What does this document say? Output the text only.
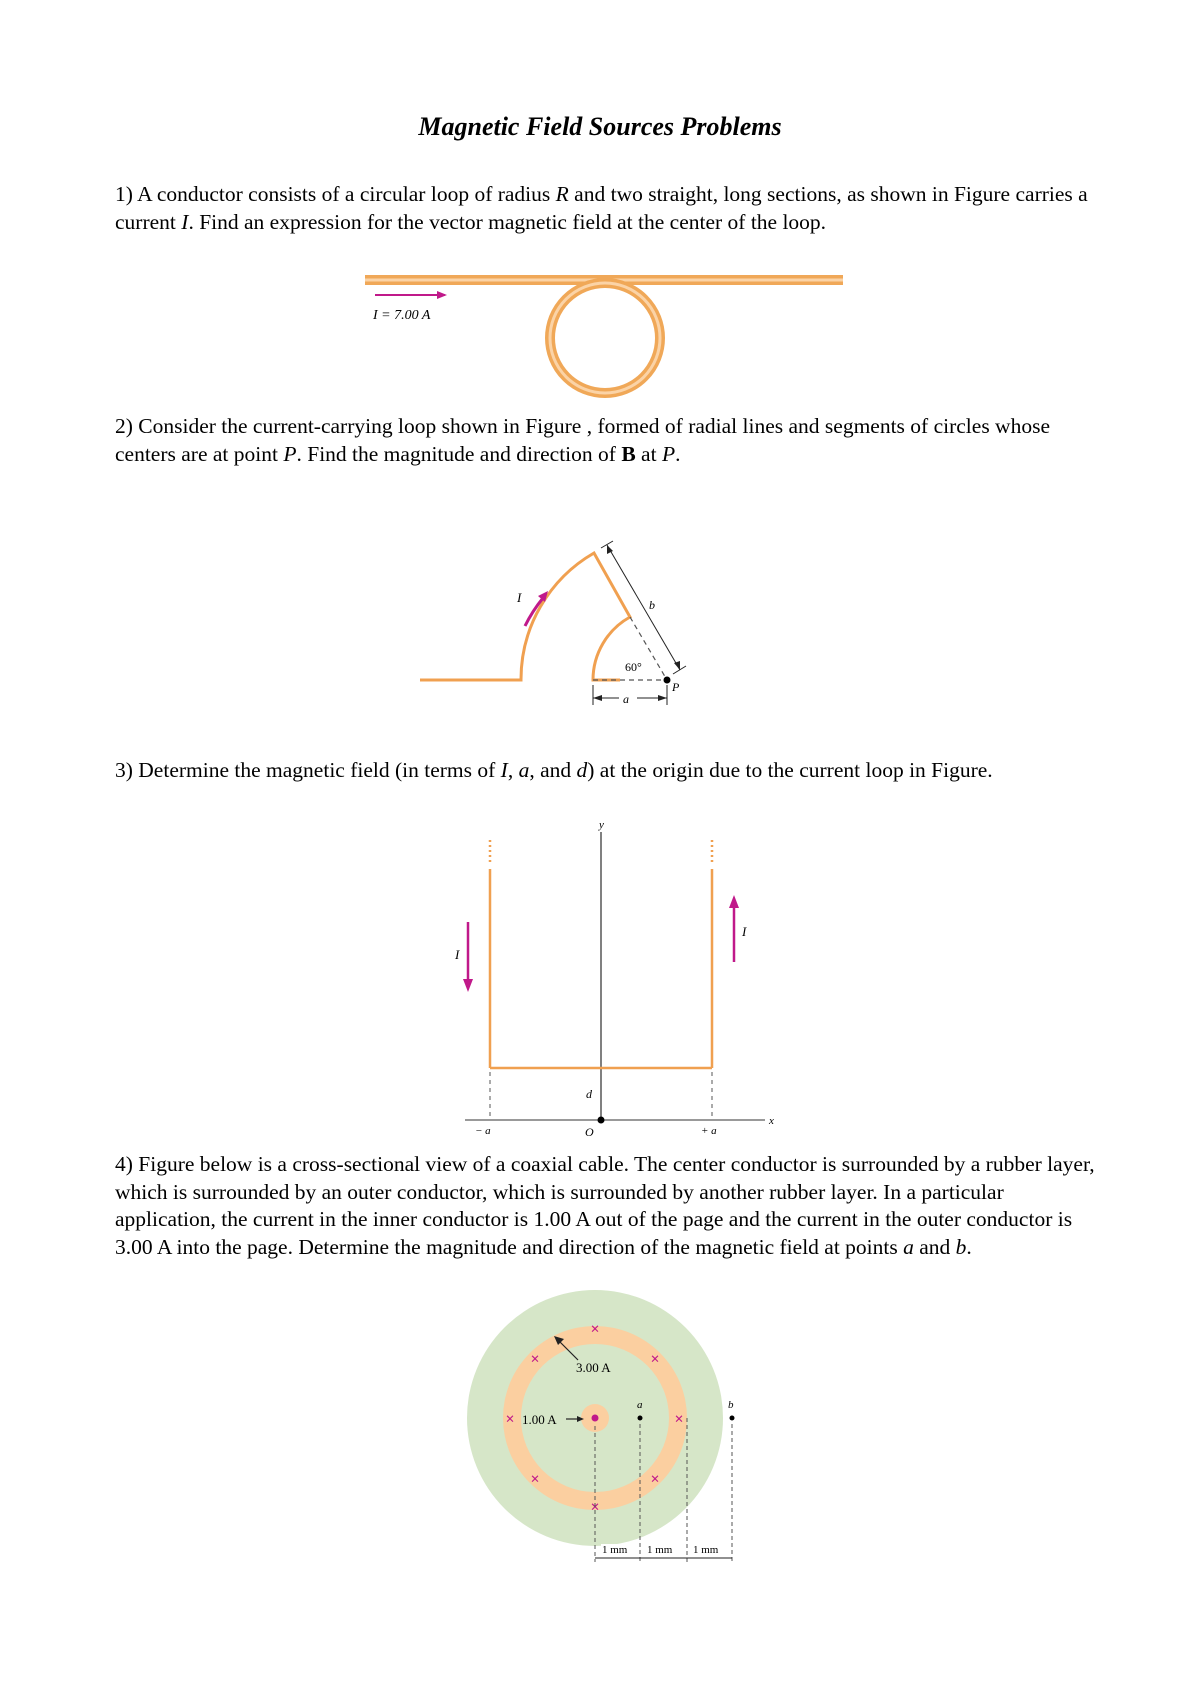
Magnetic Field Sources Problems
1) A conductor consists of a circular loop of radius R and two straight, long sections, as shown in Figure carries a current I. Find an expression for the vector magnetic field at the center of the loop.
I = 7.00 A
2) Consider the current-carrying loop shown in Figure , formed of radial lines and segments of circles whose centers are at point P. Find the magnitude and direction of B at P.
I	b
60°
P
a
3) Determine the magnetic field (in terms of I, a, and d) at the origin due to the current loop in Figure.
y
x
I
I
d
− a	+ a
O
4) Figure below is a cross-sectional view of a coaxial cable. The center conductor is surrounded by a rubber layer, which is surrounded by an outer conductor, which is surrounded by another rubber layer. In a particular application, the current in the inner conductor is 1.00 A out of the page and the current in the outer conductor is 3.00 A into the page. Determine the magnitude and direction of the magnetic field at points a and b.
×
×
×	×
×	×
×	×
3.00 A
1.00 A
a	b
1 mm 1 mm 1 mm
